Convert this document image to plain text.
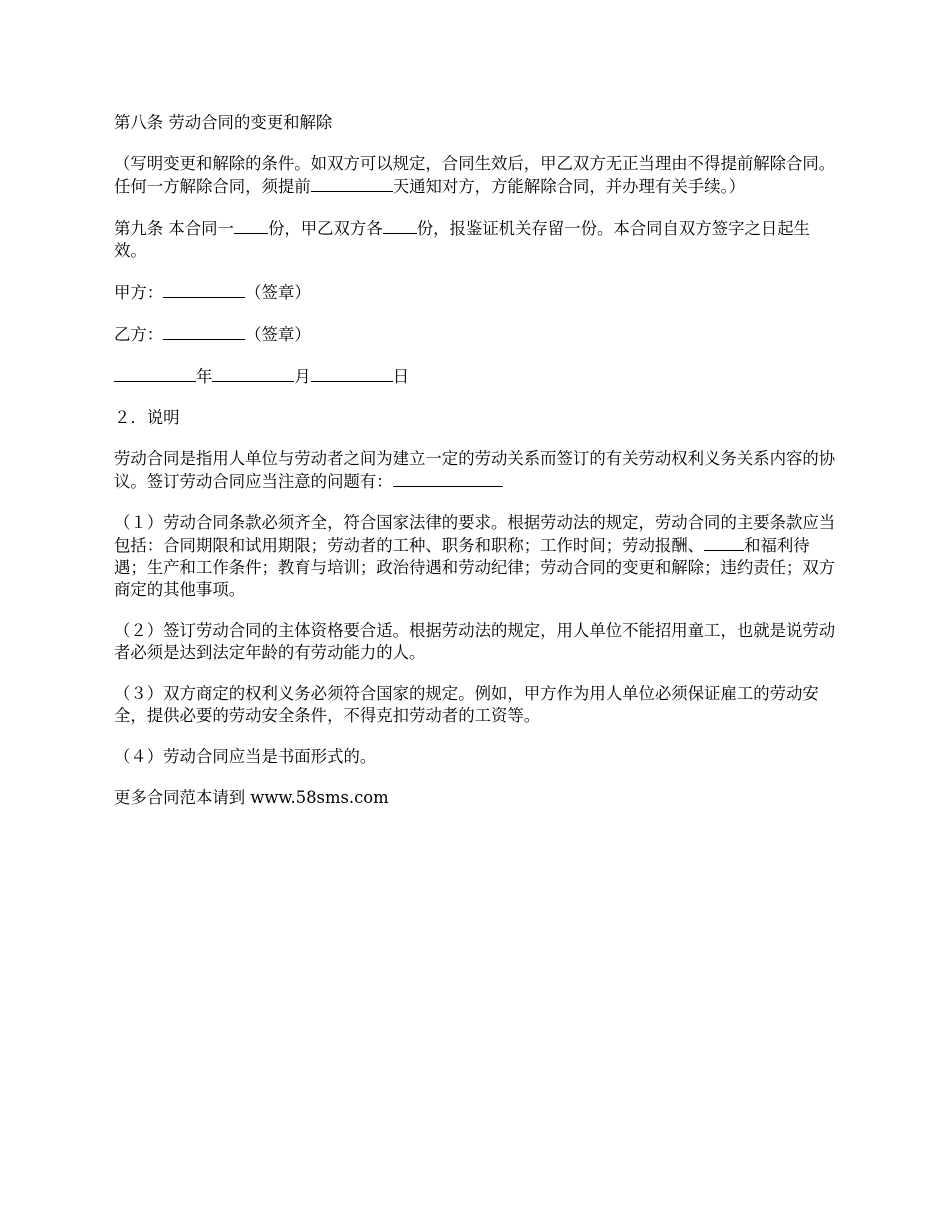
第八条 劳动合同的变更和解除

（写明变更和解除的条件。如双方可以规定，合同生效后，甲乙双方无正当理由不得提前解除合同。任何一方解除合同，须提前	天通知对方，方能解除合同，并办理有关手续。）

第九条 本合同一 份，甲乙双方各 份，报鉴证机关存留一份。本合同自双方签字之日起生效。

甲方：	（签章）

乙方：	（签章）

年	月	日

２．说明

劳动合同是指用人单位与劳动者之间为建立一定的劳动关系而签订的有关劳动权利义务关系内容的协议。签订劳动合同应当注意的问题有：

（１）劳动合同条款必须齐全，符合国家法律的要求。根据劳动法的规定，劳动合同的主要条款应当包括：合同期限和试用期限；劳动者的工种、职务和职称；工作时间；劳动报酬、 和福利待遇；生产和工作条件；教育与培训；政治待遇和劳动纪律；劳动合同的变更和解除；违约责任；双方商定的其他事项。

（２）签订劳动合同的主体资格要合适。根据劳动法的规定，用人单位不能招用童工，也就是说劳动者必须是达到法定年龄的有劳动能力的人。

（３）双方商定的权利义务必须符合国家的规定。例如，甲方作为用人单位必须保证雇工的劳动安全，提供必要的劳动安全条件，不得克扣劳动者的工资等。

（４）劳动合同应当是书面形式的。

更多合同范本请到 www.58sms.com
